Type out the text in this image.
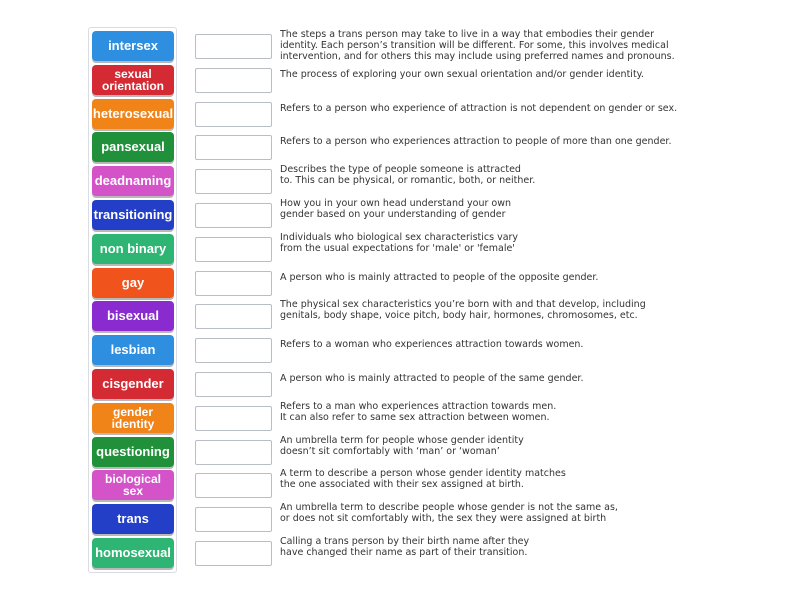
intersex
sexual orientation
heterosexual
pansexual
deadnaming
transitioning
non binary
gay
bisexual
lesbian
cisgender
gender identity
questioning
biological sex
trans
homosexual
The steps a trans person may take to live in a way that embodies their gender
identity. Each person’s transition will be different. For some, this involves medical
intervention, and for others this may include using preferred names and pronouns.
The process of exploring your own sexual orientation and/or gender identity.
Refers to a person who experience of attraction is not dependent on gender or sex.
Refers to a person who experiences attraction to people of more than one gender.
Describes the type of people someone is attracted
to. This can be physical, or romantic, both, or neither.
How you in your own head understand your own
gender based on your understanding of gender
Individuals who biological sex characteristics vary
from the usual expectations for 'male' or 'female'
A person who is mainly attracted to people of the opposite gender.
The physical sex characteristics you’re born with and that develop, including
genitals, body shape, voice pitch, body hair, hormones, chromosomes, etc.
Refers to a woman who experiences attraction towards women.
A person who is mainly attracted to people of the same gender.
Refers to a man who experiences attraction towards men.
It can also refer to same sex attraction between women.
An umbrella term for people whose gender identity
doesn’t sit comfortably with ‘man’ or ‘woman’
A term to describe a person whose gender identity matches
the one associated with their sex assigned at birth.
An umbrella term to describe people whose gender is not the same as,
or does not sit comfortably with, the sex they were assigned at birth
Calling a trans person by their birth name after they
have changed their name as part of their transition.
